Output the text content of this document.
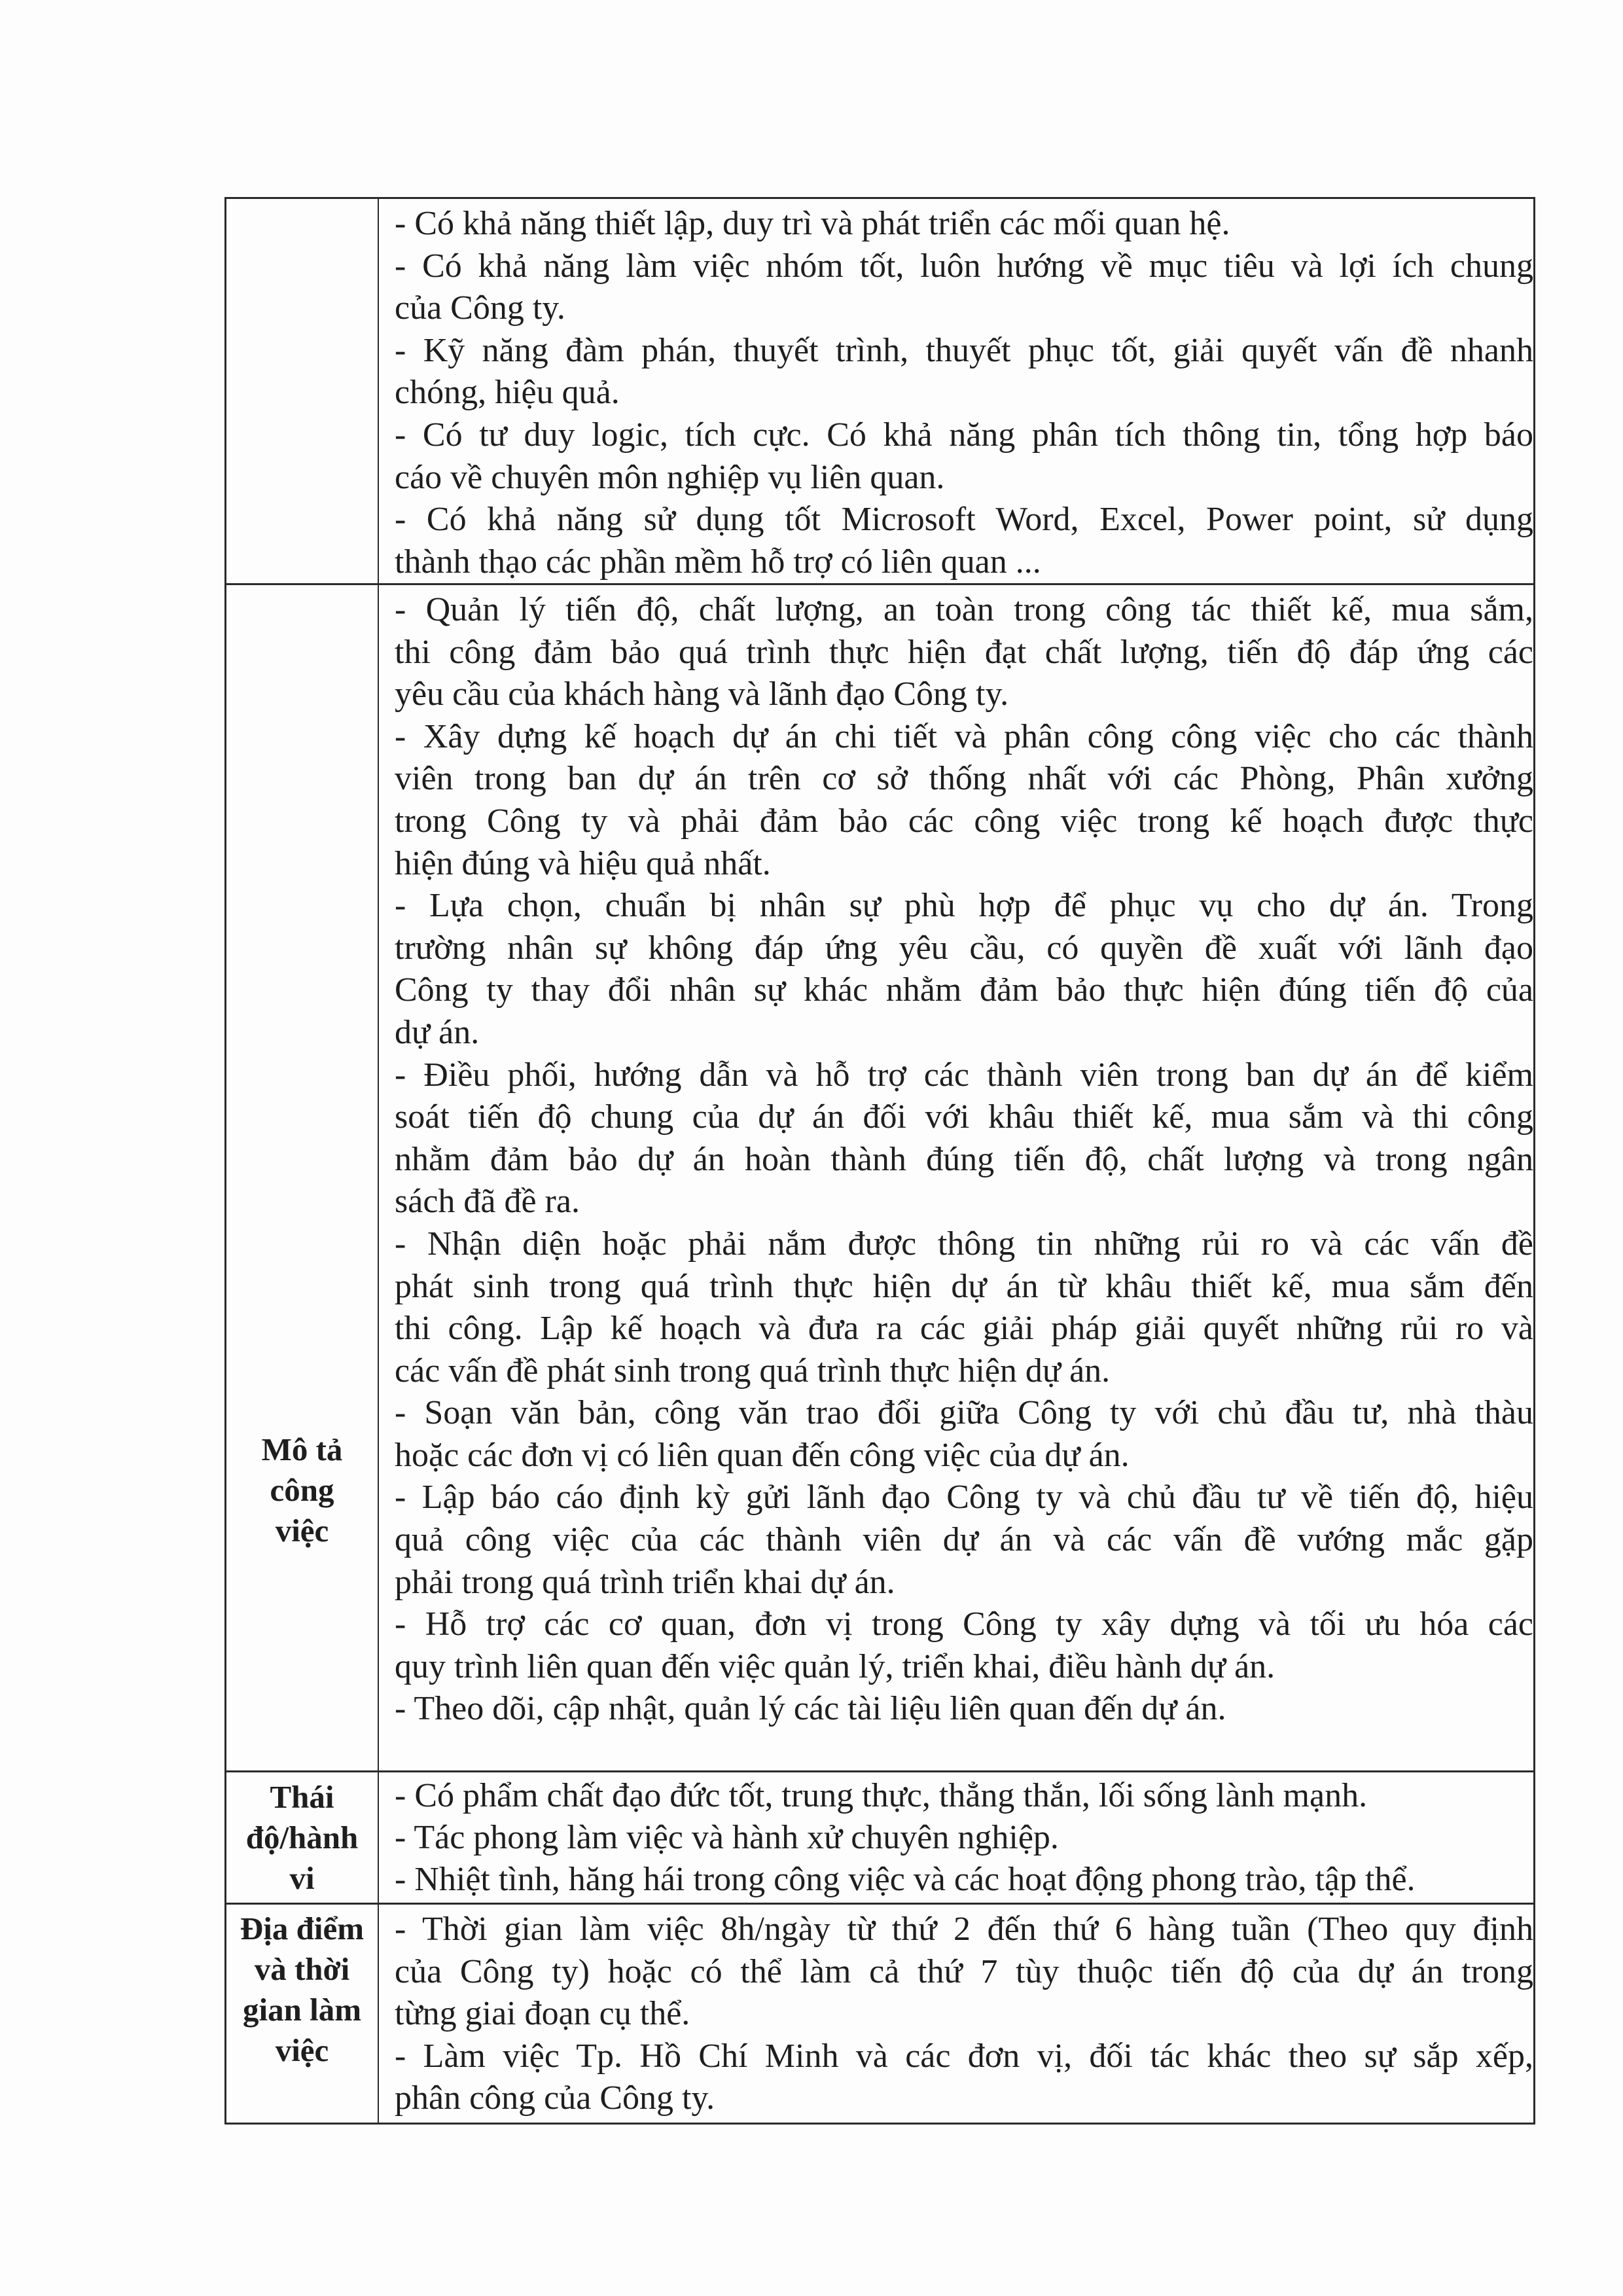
- Có khả năng thiết lập, duy trì và phát triển các mối quan hệ.
- Có khả năng làm việc nhóm tốt, luôn hướng về mục tiêu và lợi ích chung
của Công ty.
- Kỹ năng đàm phán, thuyết trình, thuyết phục tốt, giải quyết vấn đề nhanh
chóng, hiệu quả.
- Có tư duy logic, tích cực. Có khả năng phân tích thông tin, tổng hợp báo
cáo về chuyên môn nghiệp vụ liên quan.
- Có khả năng sử dụng tốt Microsoft Word, Excel, Power point, sử dụng
thành thạo các phần mềm hỗ trợ có liên quan ...
Mô tả
công
việc
- Quản lý tiến độ, chất lượng, an toàn trong công tác thiết kế, mua sắm,
thi công đảm bảo quá trình thực hiện đạt chất lượng, tiến độ đáp ứng các
yêu cầu của khách hàng và lãnh đạo Công ty.
- Xây dựng kế hoạch dự án chi tiết và phân công công việc cho các thành
viên trong ban dự án trên cơ sở thống nhất với các Phòng, Phân xưởng
trong Công ty và phải đảm bảo các công việc trong kế hoạch được thực
hiện đúng và hiệu quả nhất.
- Lựa chọn, chuẩn bị nhân sự phù hợp để phục vụ cho dự án. Trong
trường nhân sự không đáp ứng yêu cầu, có quyền đề xuất với lãnh đạo
Công ty thay đổi nhân sự khác nhằm đảm bảo thực hiện đúng tiến độ của
dự án.
- Điều phối, hướng dẫn và hỗ trợ các thành viên trong ban dự án để kiểm
soát tiến độ chung của dự án đối với khâu thiết kế, mua sắm và thi công
nhằm đảm bảo dự án hoàn thành đúng tiến độ, chất lượng và trong ngân
sách đã đề ra.
- Nhận diện hoặc phải nắm được thông tin những rủi ro và các vấn đề
phát sinh trong quá trình thực hiện dự án từ khâu thiết kế, mua sắm đến
thi công. Lập kế hoạch và đưa ra các giải pháp giải quyết những rủi ro và
các vấn đề phát sinh trong quá trình thực hiện dự án.
- Soạn văn bản, công văn trao đổi giữa Công ty với chủ đầu tư, nhà thàu
hoặc các đơn vị có liên quan đến công việc của dự án.
- Lập báo cáo định kỳ gửi lãnh đạo Công ty và chủ đầu tư về tiến độ, hiệu
quả công việc của các thành viên dự án và các vấn đề vướng mắc gặp
phải trong quá trình triển khai dự án.
- Hỗ trợ các cơ quan, đơn vị trong Công ty xây dựng và tối ưu hóa các
quy trình liên quan đến việc quản lý, triển khai, điều hành dự án.
- Theo dõi, cập nhật, quản lý các tài liệu liên quan đến dự án.
Thái
độ/hành
vi
- Có phẩm chất đạo đức tốt, trung thực, thẳng thắn, lối sống lành mạnh.
- Tác phong làm việc và hành xử chuyên nghiệp.
- Nhiệt tình, hăng hái trong công việc và các hoạt động phong trào, tập thể.
Địa điểm
và thời
gian làm
việc
- Thời gian làm việc 8h/ngày từ thứ 2 đến thứ 6 hàng tuần (Theo quy định
của Công ty) hoặc có thể làm cả thứ 7 tùy thuộc tiến độ của dự án trong
từng giai đoạn cụ thể.
- Làm việc Tp. Hồ Chí Minh và các đơn vị, đối tác khác theo sự sắp xếp,
phân công của Công ty.
